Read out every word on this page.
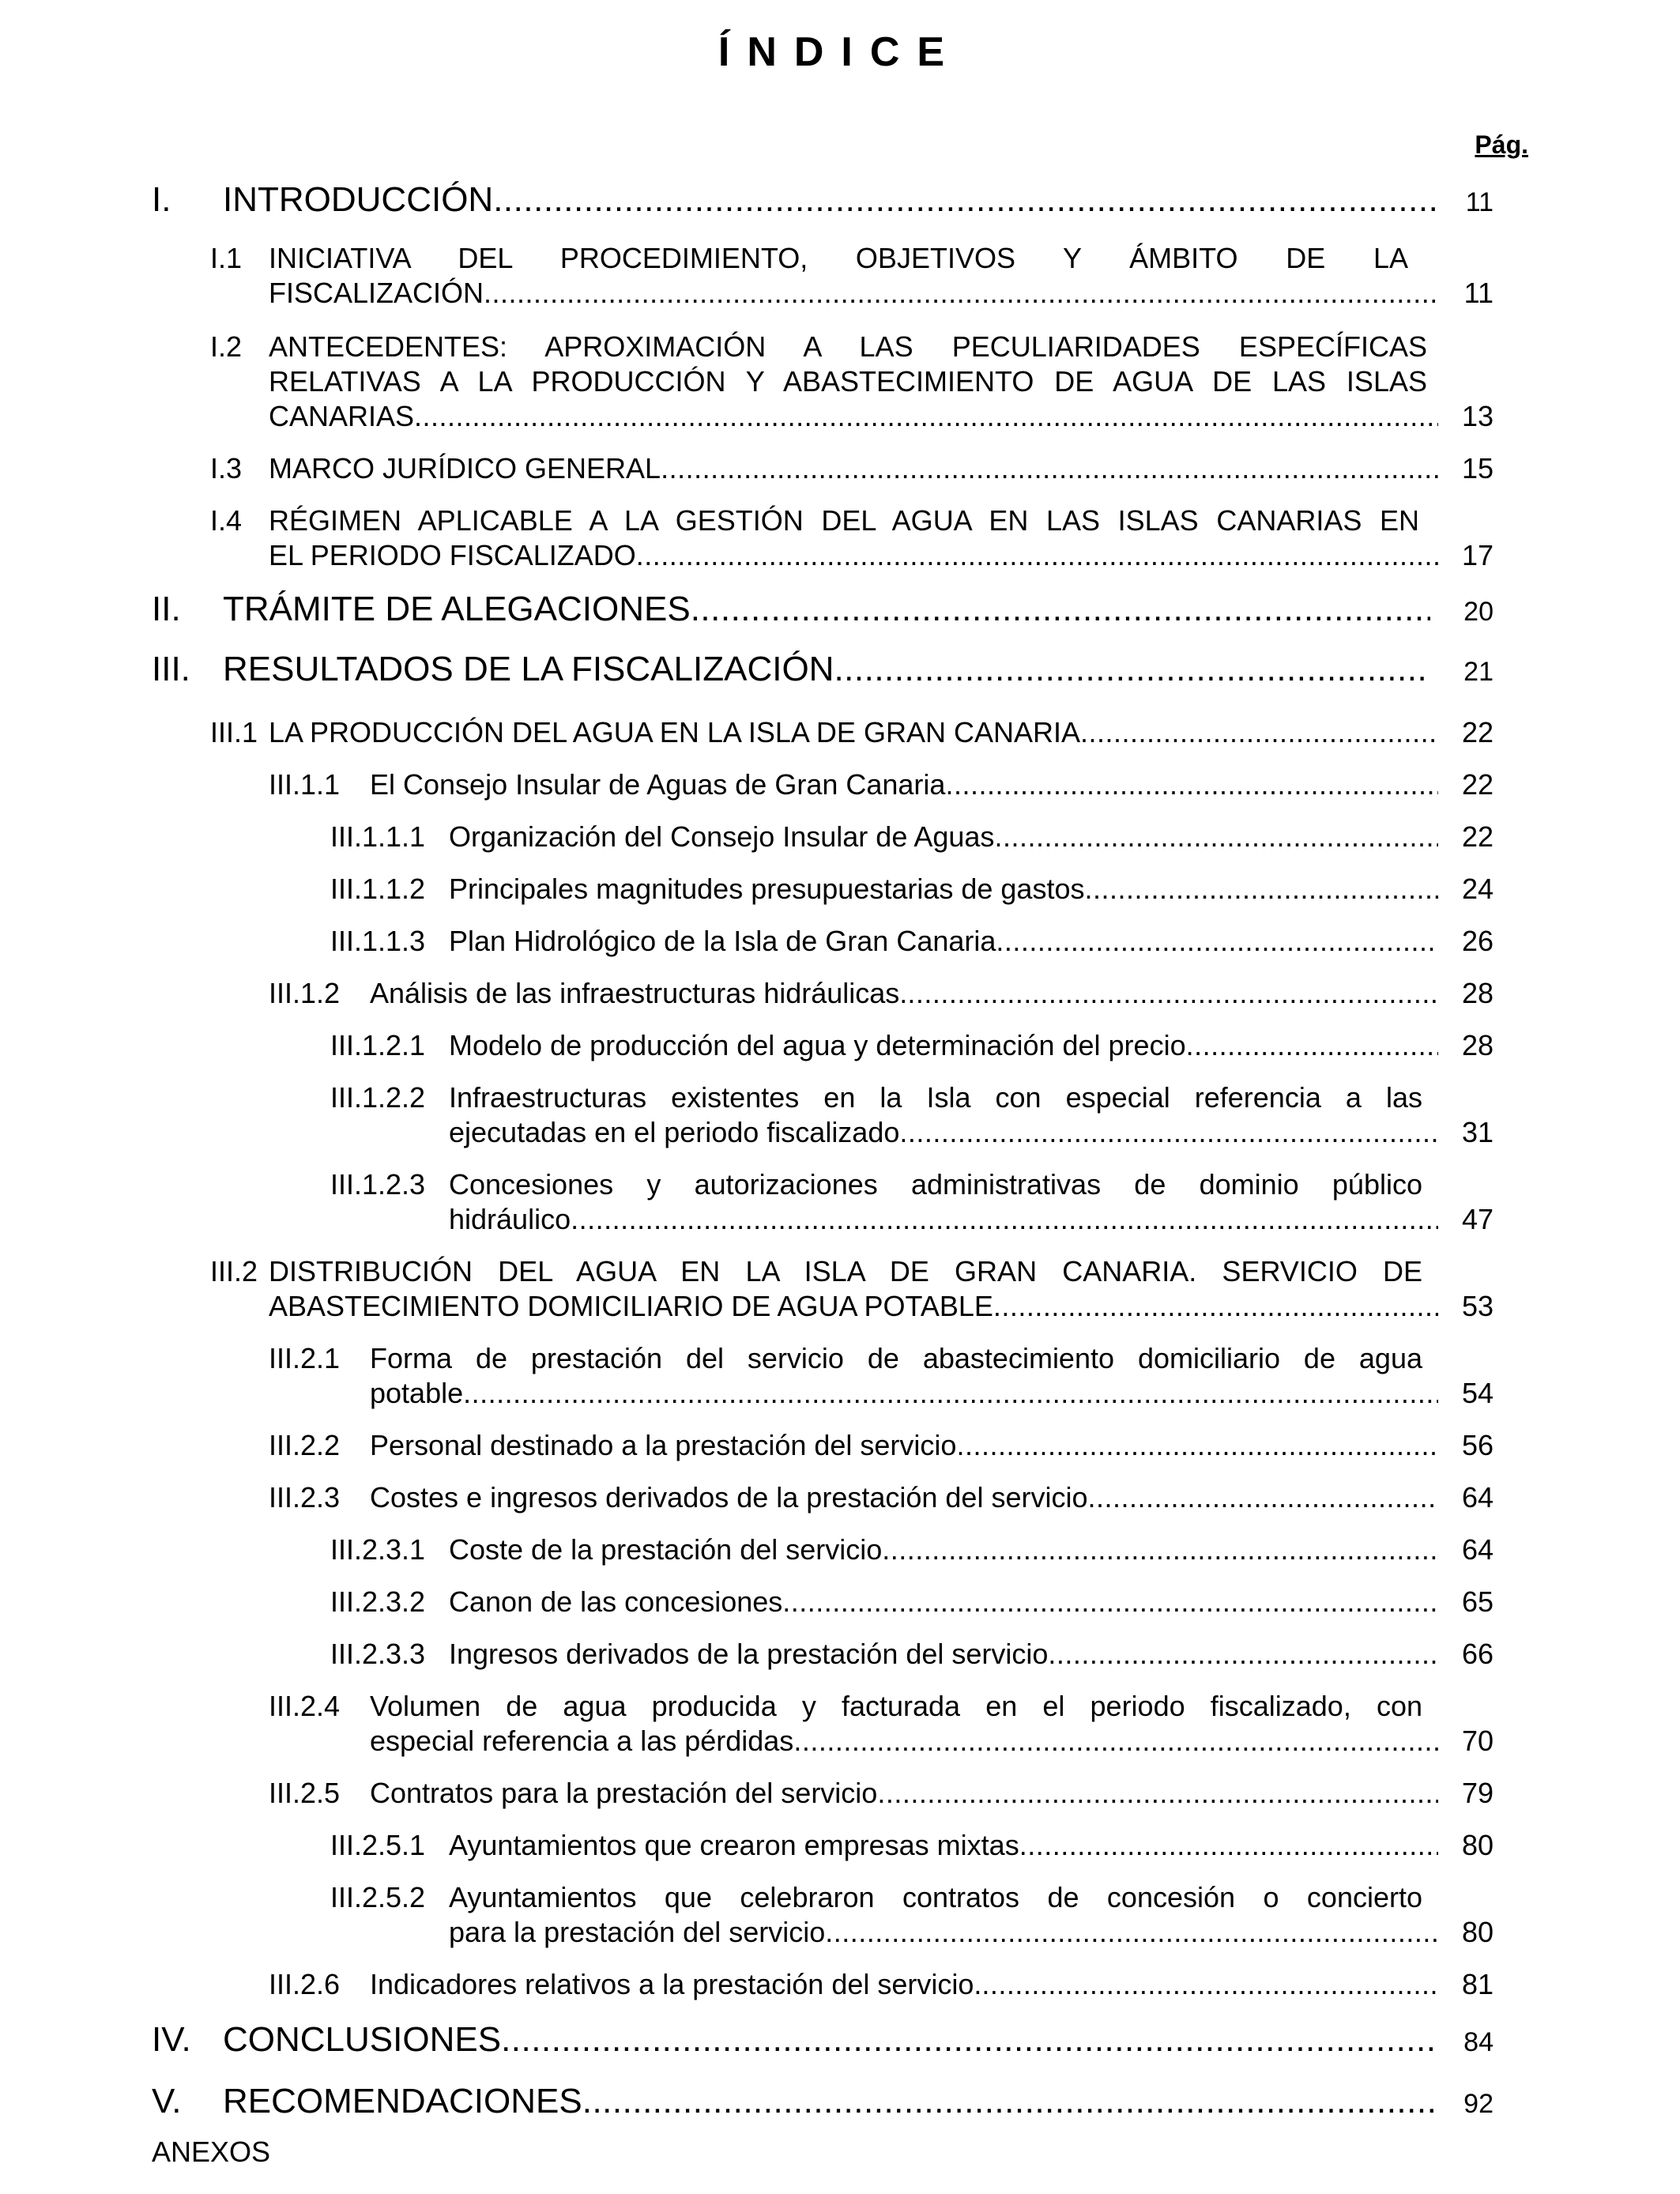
ÍNDICE
Pág.
I.	INTRODUCCIÓN .....	11
I.1 INICIATIVA DEL PROCEDIMIENTO, OBJETIVOS Y ÁMBITO DE LA
FISCALIZACIÓN .....	11
I.2 ANTECEDENTES: APROXIMACIÓN A LAS PECULIARIDADES ESPECÍFICAS
RELATIVAS A LA PRODUCCIÓN Y ABASTECIMIENTO DE AGUA DE LAS ISLAS
CANARIAS .....	13
I.3 MARCO JURÍDICO GENERAL .....	15
I.4 RÉGIMEN APLICABLE A LA GESTIÓN DEL AGUA EN LAS ISLAS CANARIAS EN
EL PERIODO FISCALIZADO .....	17
II.	TRÁMITE DE ALEGACIONES .....	20
III. RESULTADOS DE LA FISCALIZACIÓN .....	21
III.1 LA PRODUCCIÓN DEL AGUA EN LA ISLA DE GRAN CANARIA .....	22
III.1.1	El Consejo Insular de Aguas de Gran Canaria .....	22
III.1.1.1 Organización del Consejo Insular de Aguas .....	22
III.1.1.2 Principales magnitudes presupuestarias de gastos .....	24
III.1.1.3 Plan Hidrológico de la Isla de Gran Canaria .....	26
III.1.2	Análisis de las infraestructuras hidráulicas. .....	28
III.1.2.1 Modelo de producción del agua y determinación del precio .....	28
III.1.2.2 Infraestructuras existentes en la Isla con especial referencia a las
ejecutadas en el periodo fiscalizado .....	31
III.1.2.3 Concesiones y autorizaciones administrativas de dominio público
hidráulico .....	47
III.2 DISTRIBUCIÓN DEL AGUA EN LA ISLA DE GRAN CANARIA. SERVICIO DE
ABASTECIMIENTO DOMICILIARIO DE AGUA POTABLE .....	53
III.2.1 Forma de prestación del servicio de abastecimiento domiciliario de agua
potable .....	54
III.2.2	Personal destinado a la prestación del servicio .....	56
III.2.3	Costes e ingresos derivados de la prestación del servicio .....	64
III.2.3.1 Coste de la prestación del servicio .....	64
III.2.3.2 Canon de las concesiones .....	65
III.2.3.3 Ingresos derivados de la prestación del servicio .....	66
III.2.4 Volumen de agua producida y facturada en el periodo fiscalizado, con
especial referencia a las pérdidas .....	70
III.2.5	Contratos para la prestación del servicio .....	79
III.2.5.1 Ayuntamientos que crearon empresas mixtas .....	80
III.2.5.2 Ayuntamientos que celebraron contratos de concesión o concierto
para la prestación del servicio .....	80
III.2.6	Indicadores relativos a la prestación del servicio. .....	81
IV. CONCLUSIONES .....	84
V.	RECOMENDACIONES .....	92
ANEXOS
